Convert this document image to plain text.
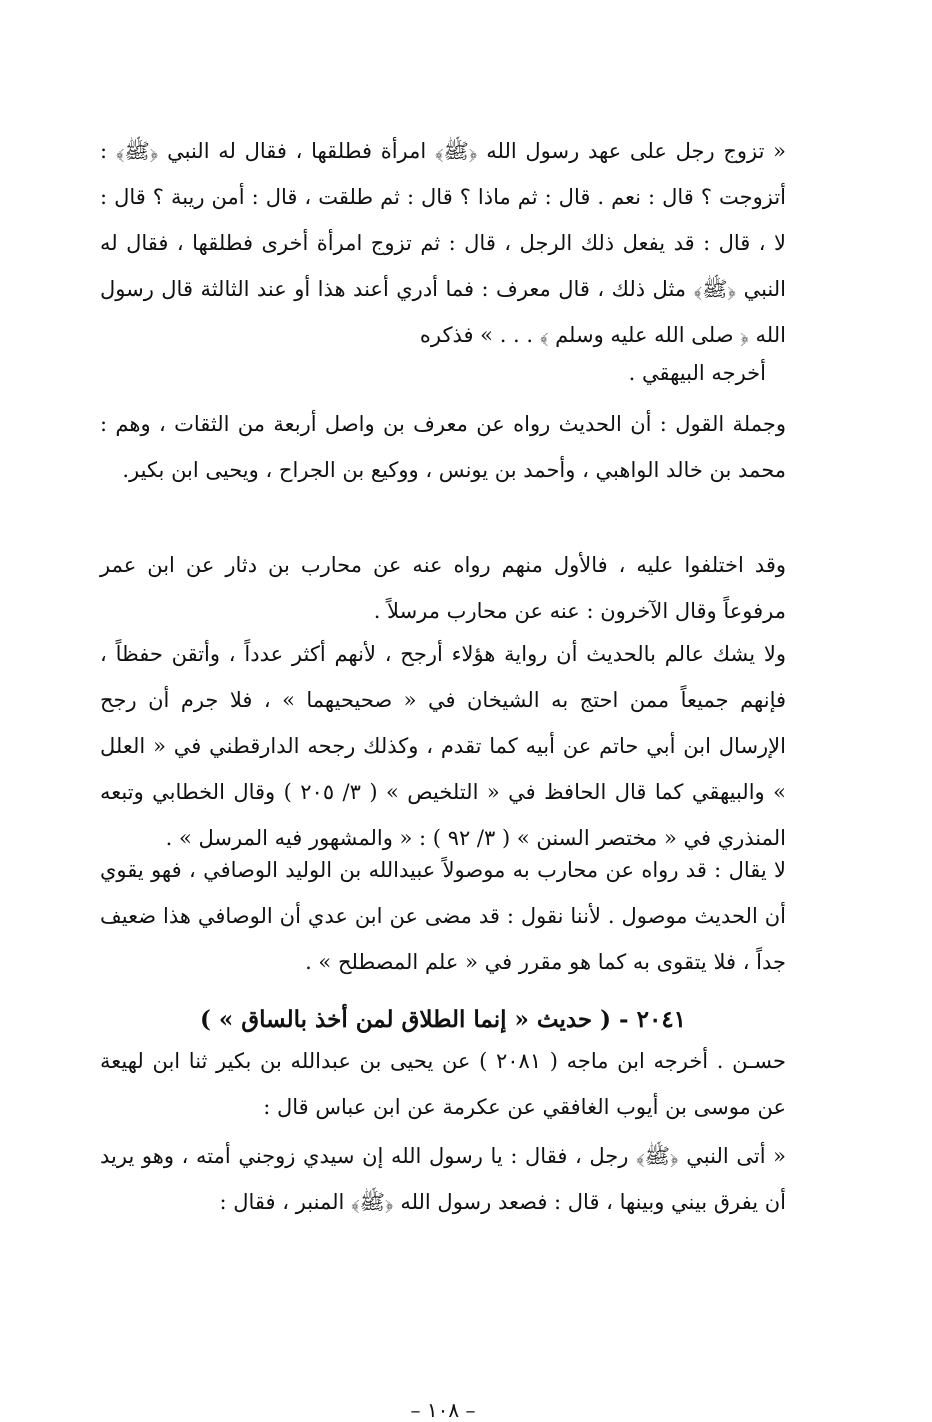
« تزوج رجل على عهد رسول الله ﴿ﷺ﴾ امرأة فطلقها ، فقال له النبي ﴿ﷺ﴾ : أتزوجت ؟ قال : نعم . قال : ثم ماذا ؟ قال : ثم طلقت ، قال : أمن ريبة ؟ قال : لا ، قال : قد يفعل ذلك الرجل ، قال : ثم تزوج امرأة أخرى فطلقها ، فقال له النبي ﴿ﷺ﴾ مثل ذلك ، قال معرف : فما أدري أعند هذا أو عند الثالثة قال رسول الله ﴿ صلى الله عليه وسلم ﴾ . . . » فذكره

أخرجه البيهقي .

وجملة القول : أن الحديث رواه عن معرف بن واصل أربعة من الثقات ، وهم : محمد بن خالد الواهبي ، وأحمد بن يونس ، ووكيع بن الجراح ، ويحيى ابن بكير.

وقد اختلفوا عليه ، فالأول منهم رواه عنه عن محارب بن دثار عن ابن عمر مرفوعاً وقال الآخرون : عنه عن محارب مرسلاً .

ولا يشك عالم بالحديث أن رواية هؤلاء أرجح ، لأنهم أكثر عدداً ، وأتقن حفظاً ، فإنهم جميعاً ممن احتج به الشيخان في « صحيحيهما » ، فلا جرم أن رجح الإرسال ابن أبي حاتم عن أبيه كما تقدم ، وكذلك رجحه الدارقطني في « العلل » والبيهقي كما قال الحافظ في « التلخيص » ( ٣/ ٢٠٥ ) وقال الخطابي وتبعه المنذري في « مختصر السنن » ( ٣/ ٩٢ ) : « والمشهور فيه المرسل » .

لا يقال : قد رواه عن محارب به موصولاً عبيدالله بن الوليد الوصافي ، فهو يقوي أن الحديث موصول . لأننا نقول : قد مضى عن ابن عدي أن الوصافي هذا ضعيف جداً ، فلا يتقوى به كما هو مقرر في « علم المصطلح » .

٢٠٤١ - ( حديث « إنما الطلاق لمن أخذ بالساق » )

حسـن . أخرجه ابن ماجه ( ٢٠٨١ ) عن يحيى بن عبدالله بن بكير ثنا ابن لهيعة عن موسى بن أيوب الغافقي عن عكرمة عن ابن عباس قال :

« أتى النبي ﴿ﷺ﴾ رجل ، فقال : يا رسول الله إن سيدي زوجني أمته ، وهو يريد أن يفرق بيني وبينها ، قال : فصعد رسول الله ﴿ﷺ﴾ المنبر ، فقال :

– ١٠٨ –
